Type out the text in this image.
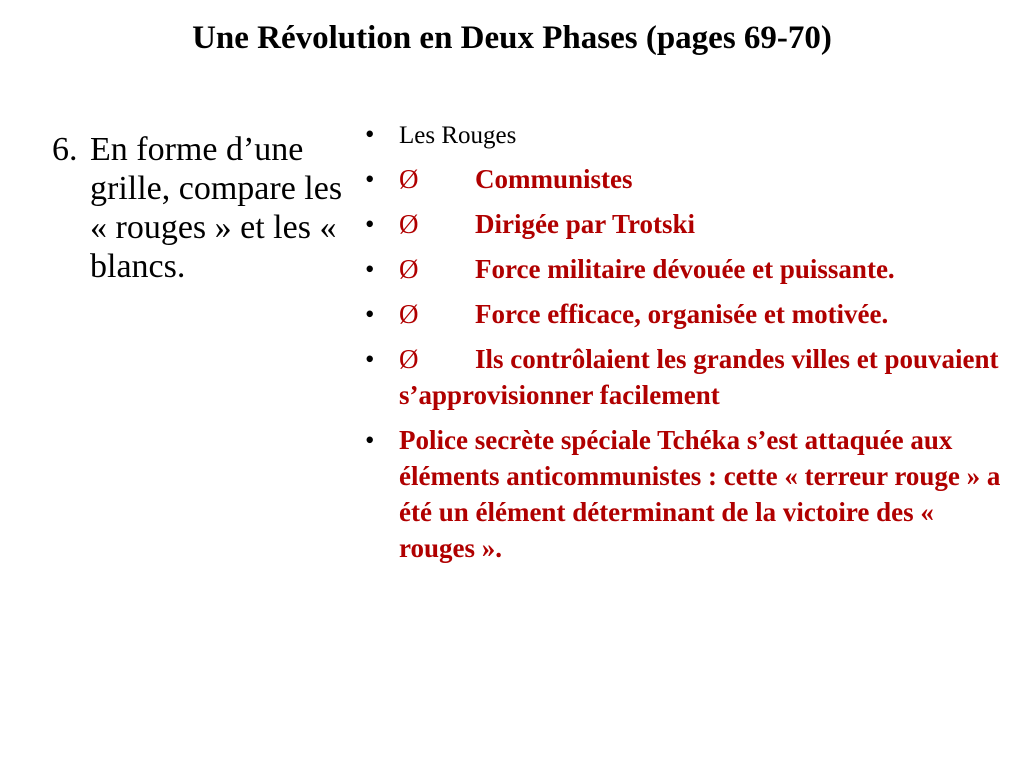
Une Révolution en Deux Phases (pages 69-70)
6. En forme d’une grille, compare les « rouges » et les « blancs.
• Les Rouges
• Ø Communistes
• Ø Dirigée par Trotski
• Ø Force militaire dévouée et puissante.
• Ø Force efficace, organisée et motivée.
• Ø Ils contrôlaient les grandes villes et pouvaient s’approvisionner facilement
• Police secrète spéciale Tchéka s’est attaquée aux éléments anticommunistes : cette « terreur rouge » a été un élément déterminant de la victoire des « rouges ».
